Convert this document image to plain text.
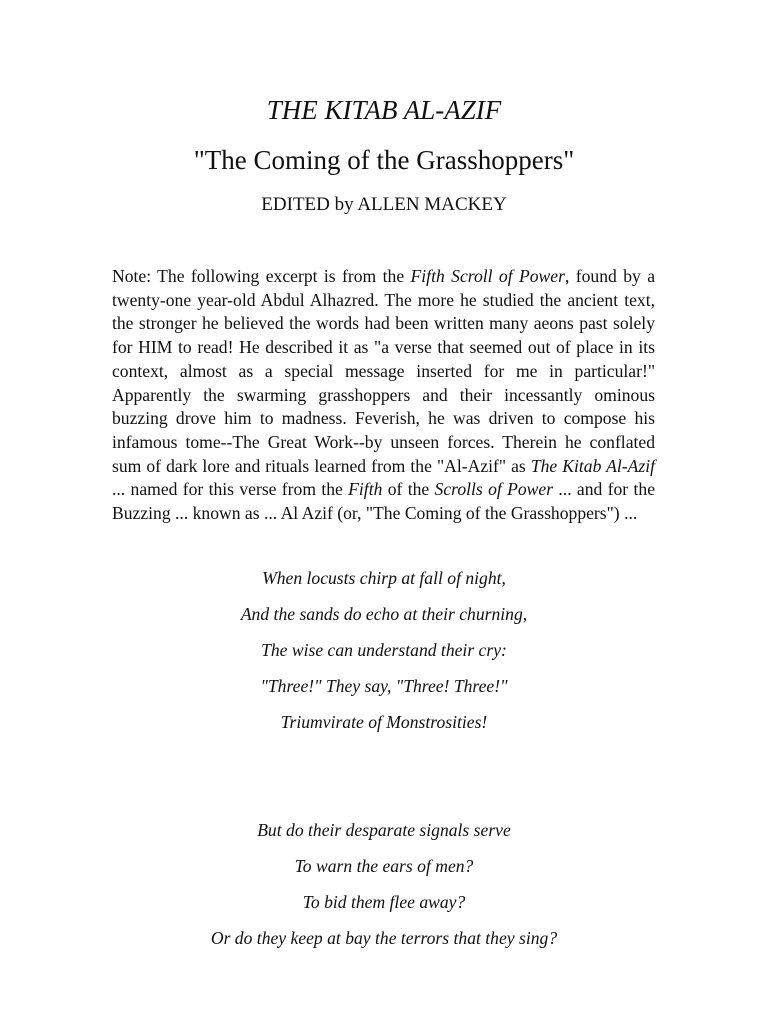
THE KITAB AL-AZIF
"The Coming of the Grasshoppers"
EDITED by ALLEN MACKEY

Note: The following excerpt is from the Fifth Scroll of Power, found by a twenty-one year-old Abdul Alhazred. The more he studied the ancient text, the stronger he believed the words had been written many aeons past solely for HIM to read! He described it as "a verse that seemed out of place in its context, almost as a special message inserted for me in particular!" Apparently the swarming grasshoppers and their incessantly ominous buzzing drove him to madness. Feverish, he was driven to compose his infamous tome--The Great Work--by unseen forces. Therein he conflated sum of dark lore and rituals learned from the "Al-Azif" as The Kitab Al-Azif ... named for this verse from the Fifth of the Scrolls of Power ... and for the Buzzing ... known as ... Al Azif (or, "The Coming of the Grasshoppers") ...

When locusts chirp at fall of night,
And the sands do echo at their churning,
The wise can understand their cry:
"Three!" They say, "Three! Three!"
Triumvirate of Monstrosities!
But do their desparate signals serve
To warn the ears of men?
To bid them flee away?
Or do they keep at bay the terrors that they sing?
